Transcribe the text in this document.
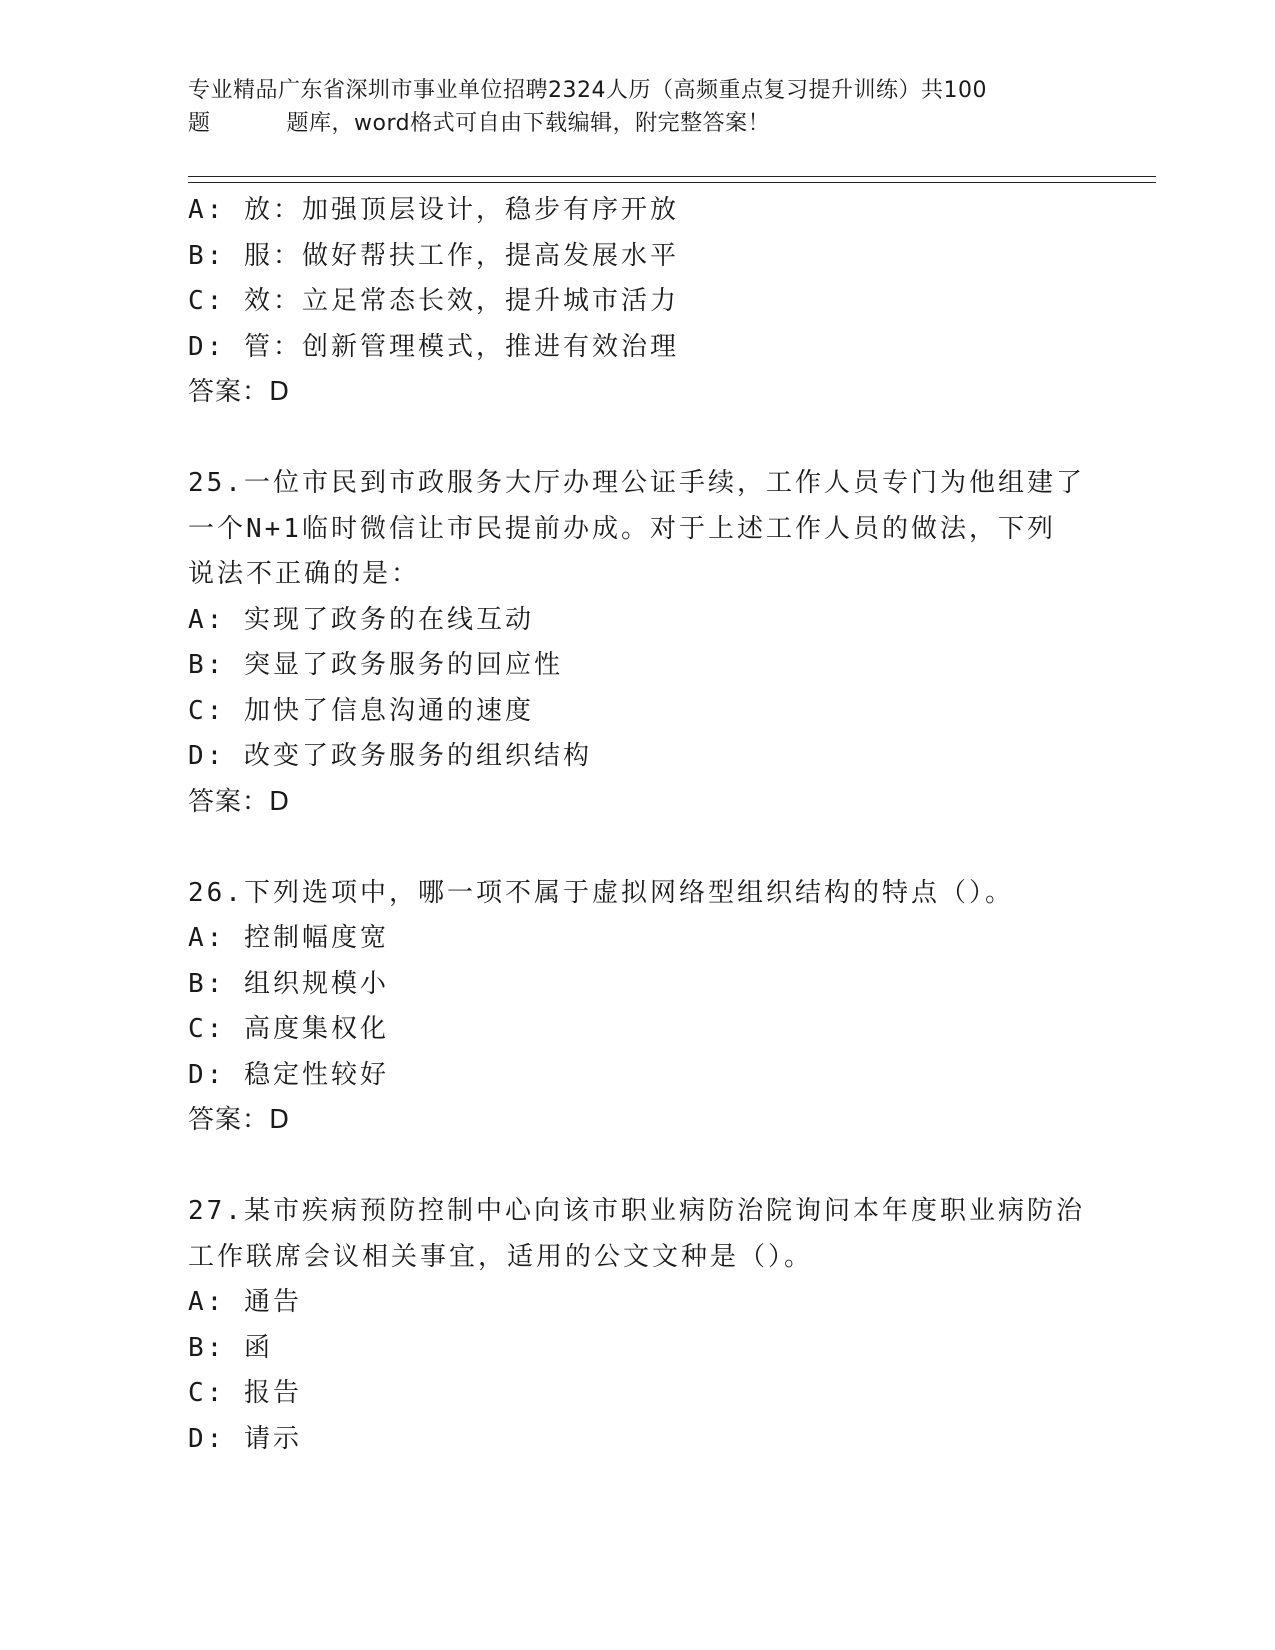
专业精品广东省深圳市事业单位招聘2324人历（高频重点复习提升训练）共100
题	题库，word格式可自由下载编辑，附完整答案！
A: 放：加强顶层设计，稳步有序开放
B: 服：做好帮扶工作，提高发展水平
C: 效：立足常态长效，提升城市活力
D: 管：创新管理模式，推进有效治理
答案：D
25.一位市民到市政服务大厅办理公证手续，工作人员专门为他组建了
一个N+1临时微信让市民提前办成。对于上述工作人员的做法，下列
说法不正确的是：
A: 实现了政务的在线互动
B: 突显了政务服务的回应性
C: 加快了信息沟通的速度
D: 改变了政务服务的组织结构
答案：D
26.下列选项中，哪一项不属于虚拟网络型组织结构的特点（）。
A: 控制幅度宽
B: 组织规模小
C: 高度集权化
D: 稳定性较好
答案：D
27.某市疾病预防控制中心向该市职业病防治院询问本年度职业病防治
工作联席会议相关事宜，适用的公文文种是（）。
A: 通告
B: 函
C: 报告
D: 请示
